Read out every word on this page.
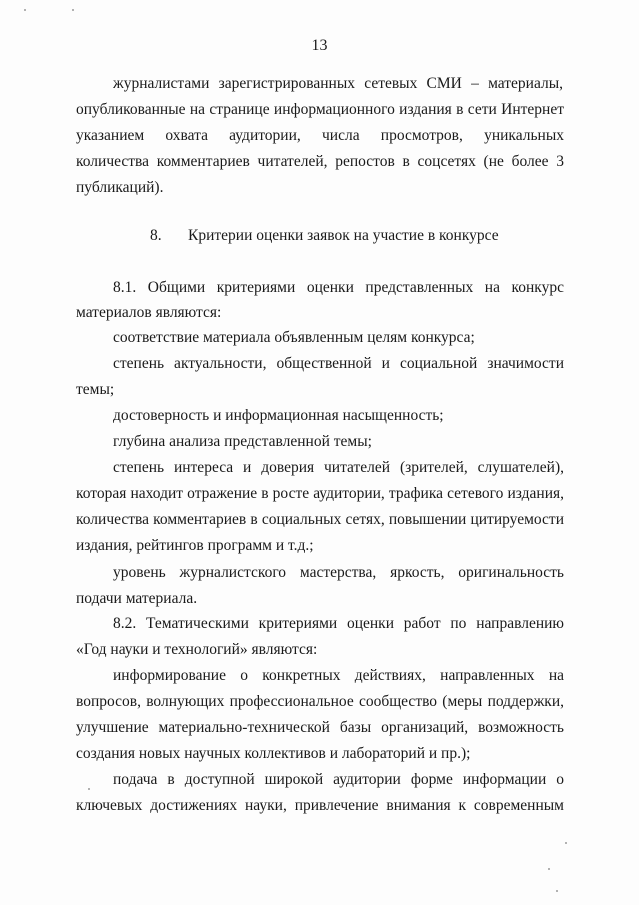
13
журналистами зарегистрированных сетевых СМИ – материалы,
опубликованные на странице информационного издания в сети Интернет
указанием охвата аудитории, числа просмотров, уникальных
количества комментариев читателей, репостов в соцсетях (не более 3
публикаций).
8. Критерии оценки заявок на участие в конкурсе
8.1. Общими критериями оценки представленных на конкурс
материалов являются:
соответствие материала объявленным целям конкурса;
степень актуальности, общественной и социальной значимости
темы;
достоверность и информационная насыщенность;
глубина анализа представленной темы;
степень интереса и доверия читателей (зрителей, слушателей),
которая находит отражение в росте аудитории, трафика сетевого издания,
количества комментариев в социальных сетях, повышении цитируемости
издания, рейтингов программ и т.д.;
уровень журналистского мастерства, яркость, оригинальность
подачи материала.
8.2. Тематическими критериями оценки работ по направлению
«Год науки и технологий» являются:
информирование о конкретных действиях, направленных на
вопросов, волнующих профессиональное сообщество (меры поддержки,
улучшение материально-технической базы организаций, возможность
создания новых научных коллективов и лабораторий и пр.);
подача в доступной широкой аудитории форме информации о
ключевых достижениях науки, привлечение внимания к современным
